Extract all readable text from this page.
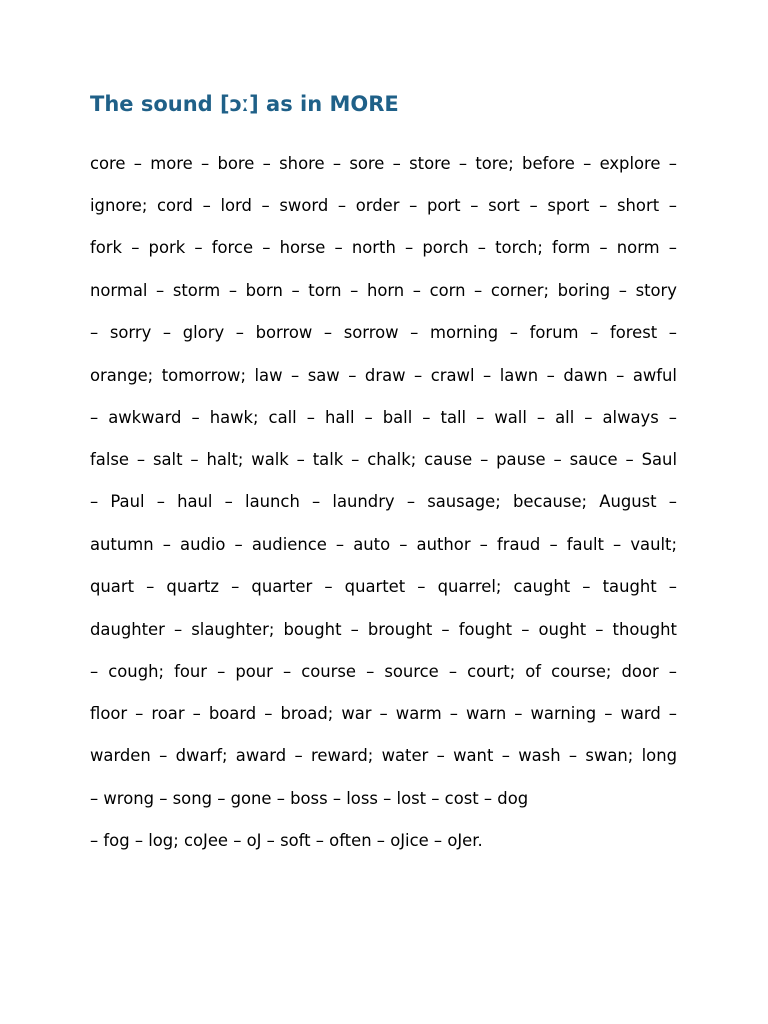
The sound [ɔː] as in MORE

core – more – bore – shore – sore – store – tore; before – explore –

ignore; cord – lord – sword – order – port – sort – sport – short –

fork – pork – force – horse – north – porch – torch; form – norm –

normal – storm – born – torn – horn – corn – corner; boring – story

– sorry – glory – borrow – sorrow – morning – forum – forest –

orange; tomorrow; law – saw – draw – crawl – lawn – dawn – awful

– awkward – hawk; call – hall – ball – tall – wall – all – always –

false – salt – halt; walk – talk – chalk; cause – pause – sauce – Saul

– Paul – haul – launch – laundry – sausage; because; August –

autumn – audio – audience – auto – author – fraud – fault – vault;

quart – quartz – quarter – quartet – quarrel; caught – taught –

daughter – slaughter; bought – brought – fought – ought – thought

– cough; four – pour – course – source – court; of course; door –

floor – roar – board – broad; war – warm – warn – warning – ward –

warden – dwarf; award – reward; water – want – wash – swan; long

– wrong – song – gone – boss – loss – lost – cost – dog

– fog – log; coJee – oJ – soft – often – oJice – oJer.
